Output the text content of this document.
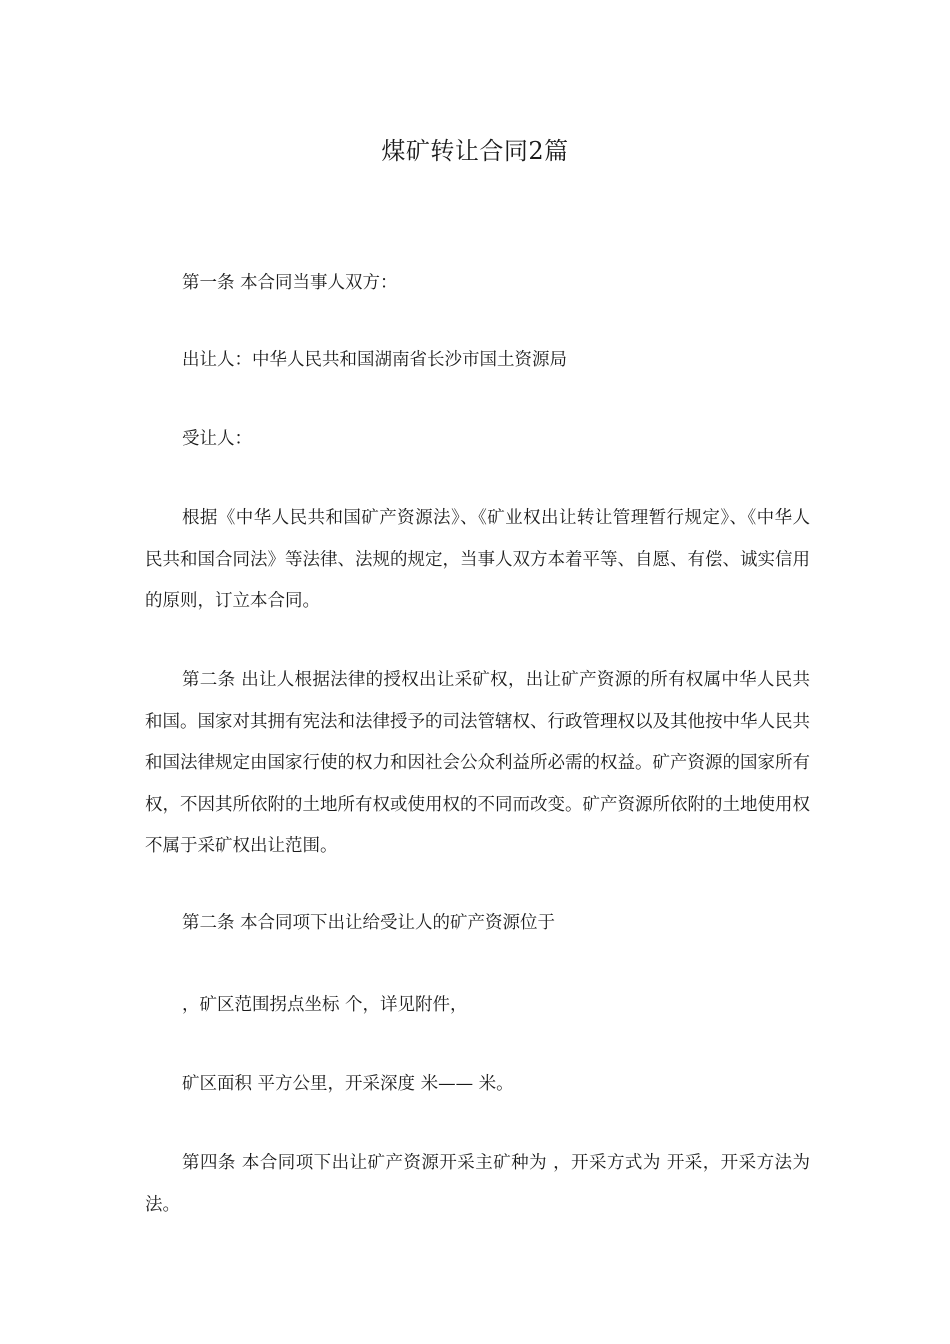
煤矿转让合同2篇

第一条 本合同当事人双方：

出让人：中华人民共和国湖南省长沙市国土资源局

受让人：

根据《中华人民共和国矿产资源法》、《矿业权出让转让管理暂行规定》、《中华人民共和国合同法》等法律、法规的规定，当事人双方本着平等、自愿、有偿、诚实信用的原则，订立本合同。

第二条 出让人根据法律的授权出让采矿权，出让矿产资源的所有权属中华人民共和国。国家对其拥有宪法和法律授予的司法管辖权、行政管理权以及其他按中华人民共和国法律规定由国家行使的权力和因社会公众利益所必需的权益。矿产资源的国家所有权，不因其所依附的土地所有权或使用权的不同而改变。矿产资源所依附的土地使用权不属于采矿权出让范围。

第二条 本合同项下出让给受让人的矿产资源位于

，矿区范围拐点坐标 个，详见附件，

矿区面积 平方公里，开采深度 米—— 米。

第四条 本合同项下出让矿产资源开采主矿种为 ，开采方式为 开采，开采方法为 法。
